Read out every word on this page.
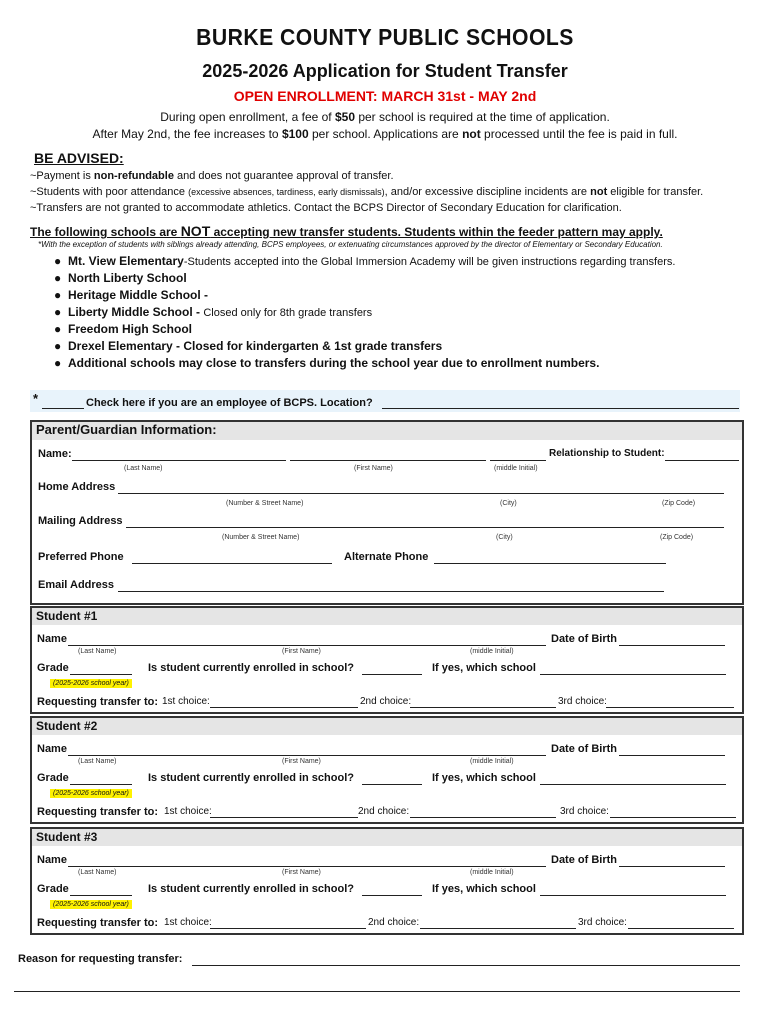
BURKE COUNTY PUBLIC SCHOOLS
2025-2026 Application for Student Transfer
OPEN ENROLLMENT: MARCH 31st - MAY 2nd
During open enrollment, a fee of $50 per school is required at the time of application.
After May 2nd, the fee increases to $100 per school. Applications are not processed until the fee is paid in full.
BE ADVISED:
~Payment is non-refundable and does not guarantee approval of transfer.
~Students with poor attendance (excessive absences, tardiness, early dismissals), and/or excessive discipline incidents are not eligible for transfer.
~Transfers are not granted to accommodate athletics. Contact the BCPS Director of Secondary Education for clarification.
The following schools are NOT accepting new transfer students. Students within the feeder pattern may apply.
*With the exception of students with siblings already attending, BCPS employees, or extenuating circumstances approved by the director of Elementary or Secondary Education.
● Mt. View Elementary-Students accepted into the Global Immersion Academy will be given instructions regarding transfers.
● North Liberty School
● Heritage Middle School -
● Liberty Middle School - Closed only for 8th grade transfers
● Freedom High School
● Drexel Elementary - Closed for kindergarten & 1st grade transfers
● Additional schools may close to transfers during the school year due to enrollment numbers.
*	Check here if you are an employee of BCPS. Location?
Parent/Guardian Information:
Name:	Relationship to Student:
(Last Name)	(First Name)	(middle Initial)
Home Address
(Number & Street Name)	(City)	(Zip Code)
Mailing Address
(Number & Street Name)	(City)	(Zip Code)
Preferred Phone	Alternate Phone
Email Address
Student #1
Name	Date of Birth
(Last Name)	(First Name)	(middle Initial)
Grade	Is student currently enrolled in school?	If yes, which school
(2025-2026 school year)
Requesting transfer to: 1st choice:	2nd choice:	3rd choice:
Student #2
Name	Date of Birth
(Last Name)	(First Name)	(middle Initial)
Grade	Is student currently enrolled in school?	If yes, which school
(2025-2026 school year)
Requesting transfer to: 1st choice:	2nd choice:	3rd choice:
Student #3
Name	Date of Birth
(Last Name)	(First Name)	(middle Initial)
Grade	Is student currently enrolled in school?	If yes, which school
(2025-2026 school year)
Requesting transfer to: 1st choice:	2nd choice:	3rd choice:
Reason for requesting transfer:
